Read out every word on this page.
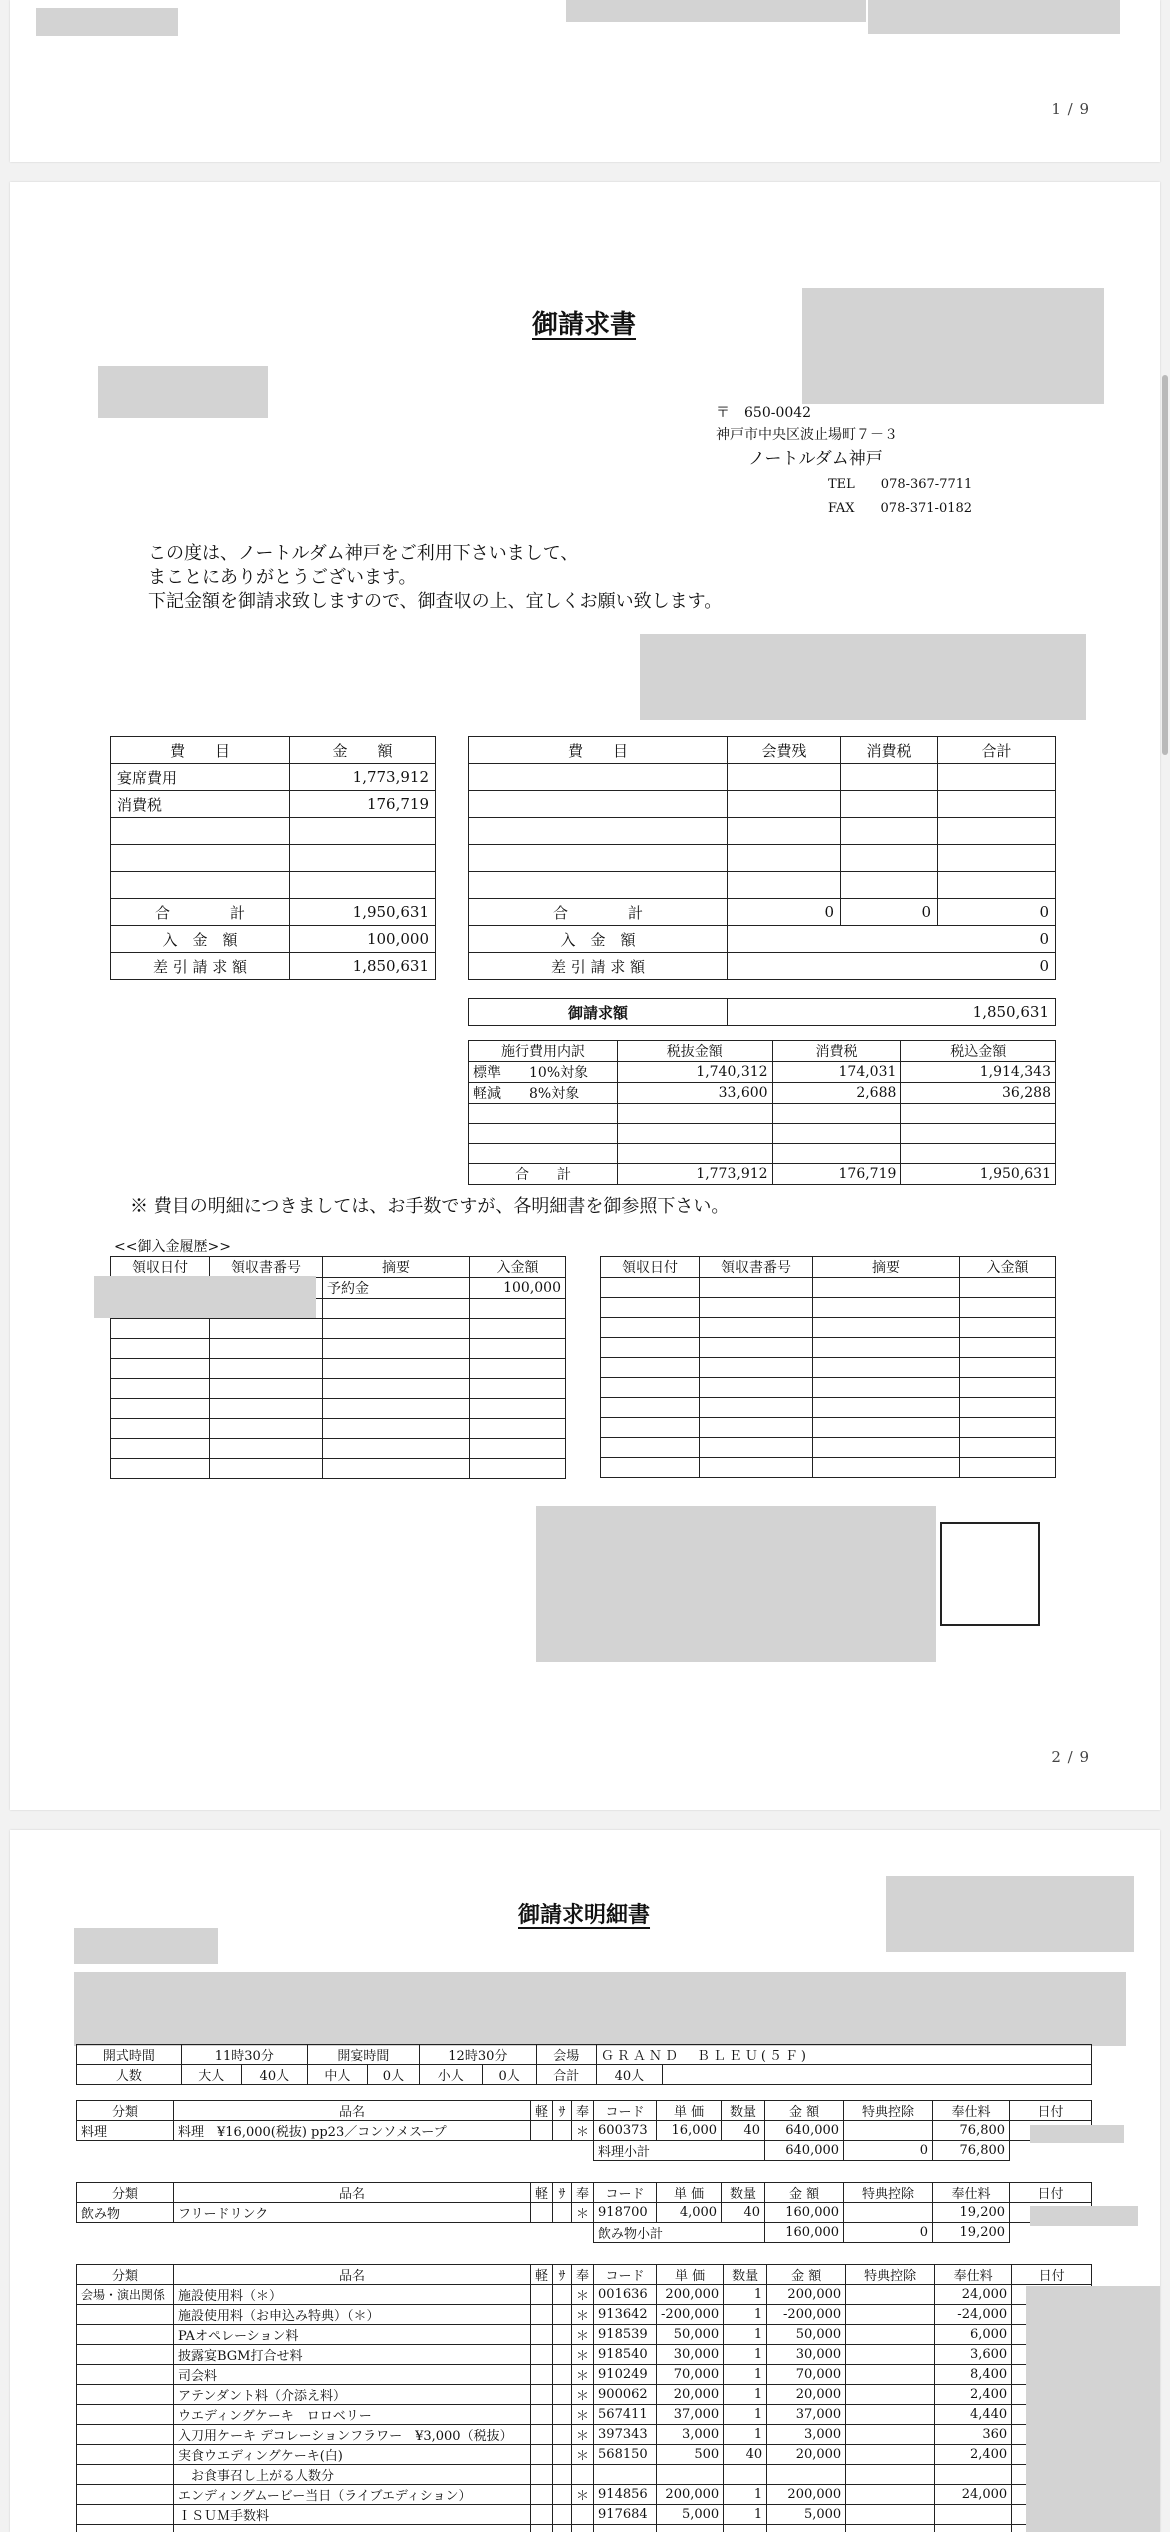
1 / 9
御請求書
〒　650-0042
神戸市中央区波止場町７－３
ノートルダム神戸
TEL　　078-367-7711
FAX　　078-371-0182
この度は、ノートルダム神戸をご利用下さいまして、
まことにありがとうございます。
下記金額を御請求致しますので、御査収の上、宜しくお願い致します。
費　　目	金　　額
宴席費用	1,773,912
消費税	176,719

合　　　　計	1,950,631
入　金　額	100,000
差 引 請 求 額	1,850,631
費　　目	会費残	消費税	合計

合　　　　計	0	0	0
入　金　額	0		
差 引 請 求 額	0		
御請求額	1,850,631
施行費用内訳	税抜金額	消費税	税込金額
標準　　10%対象	1,740,312	174,031	1,914,343
軽減　　8%対象	33,600	2,688	36,288

合　　計	1,773,912	176,719	1,950,631
※ 費目の明細につきましては、お手数ですが、各明細書を御参照下さい。
<<御入金履歴>>
領収日付	領収書番号	摘要	入金額
		予約金	100,000

領収日付	領収書番号	摘要	入金額

2 / 9
御請求明細書
開式時間	11時30分		開宴時間		12時30分		会場	ＧＲＡＮＤ　ＢＬＥＵ(５Ｆ)	
人数	大人	40人	中人	0人	小人	0人	合計	40人	
分類	品名	軽	ｻ	奉	コード	単 価	数量	金 額	特典控除	奉仕料	日付
料理	料理　¥16,000(税抜) pp23／コンソメスープ			＊	600373	16,000	40	640,000		76,800	
					料理小計			640,000	0	76,800	
分類	品名	軽	ｻ	奉	コード	単 価	数量	金 額	特典控除	奉仕料	日付
飲み物	フリードリンク			＊	918700	4,000	40	160,000		19,200	
					飲み物小計			160,000	0	19,200	
分類	品名	軽	ｻ	奉	コード	単 価	数量	金 額	特典控除	奉仕料	日付
会場・演出関係	施設使用料（＊）			＊	001636	200,000	1	200,000		24,000	
	施設使用料（お申込み特典）（＊）			＊	913642	-200,000	1	-200,000		-24,000	
	PAオペレーション料			＊	918539	50,000	1	50,000		6,000	
	披露宴BGM打合せ料			＊	918540	30,000	1	30,000		3,600	
	司会料			＊	910249	70,000	1	70,000		8,400	
	アテンダント料（介添え料）			＊	900062	20,000	1	20,000		2,400	
	ウエディングケーキ　ロロベリー			＊	567411	37,000	1	37,000		4,440	
	入刀用ケーキ デコレーションフラワー　¥3,000（税抜）			＊	397343	3,000	1	3,000		360	
	実食ウエディングケーキ(白)			＊	568150	500	40	20,000		2,400	
	　お食事召し上がる人数分										
	エンディングムービー当日（ライブエディション）			＊	914856	200,000	1	200,000		24,000	
	ＩＳＵＭ手数料				917684	5,000	1	5,000			
